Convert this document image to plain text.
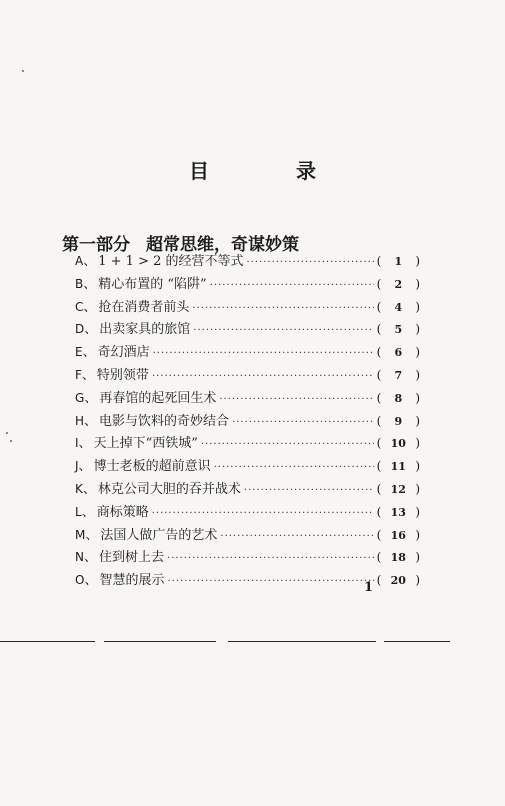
目 录
第一部分 超常思维，奇谋妙策
A 、 1 + 1 > 2 的经营不等式 ·····	(	1	)
B 、 精心布置的 “陷阱” ·····	(	2	)
C 、 抢在消费者前头 ·····	(	4	)
D 、 出卖家具的旅馆 ·····	(	5	)
E 、 奇幻酒店 ·····	(	6	)
F 、 特别领带 ·····	(	7	)
G 、 再春馆的起死回生术 ·····	(	8	)
H 、 电影与饮料的奇妙结合 ·····	(	9	)
I 、 天上掉下“西铁城” ·····	( 10 )
J 、 博士老板的超前意识 ·····	( 11 )
K 、 林克公司大胆的吞并战术 ·····	( 12 )
L 、 商标策略 ·····	( 13 )
M 、 法国人做广告的艺术 ·····	( 16 )
N 、 住到树上去 ·····	( 18 )
O 、 智慧的展示 ·····	( 20 )
1
